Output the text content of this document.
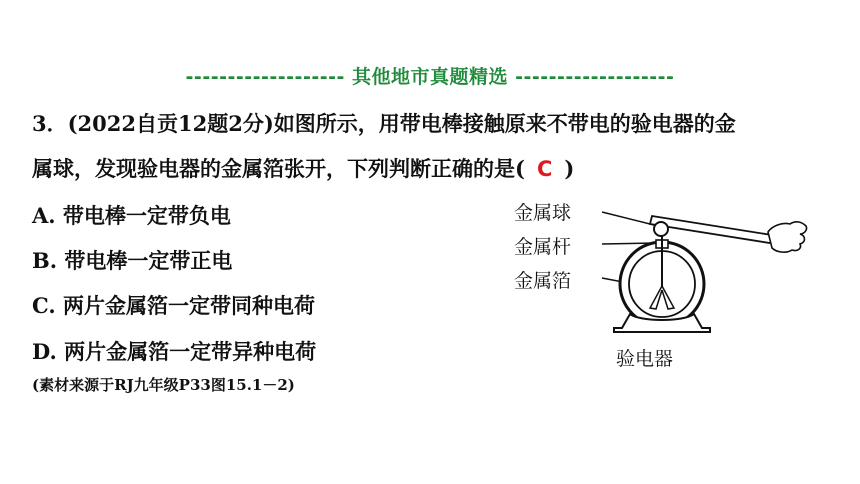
------------------- 其他地市真题精选 -------------------
3．(2022自贡12题2分)如图所示，用带电棒接触原来不带电的验电器的金
属球，发现验电器的金属箔张开，下列判断正确的是( C )
A. 带电棒一定带负电
B. 带电棒一定带正电
C. 两片金属箔一定带同种电荷
D. 两片金属箔一定带异种电荷
(素材来源于RJ九年级P33图15.1－2)
金属球
金属杆
金属箔
验电器
